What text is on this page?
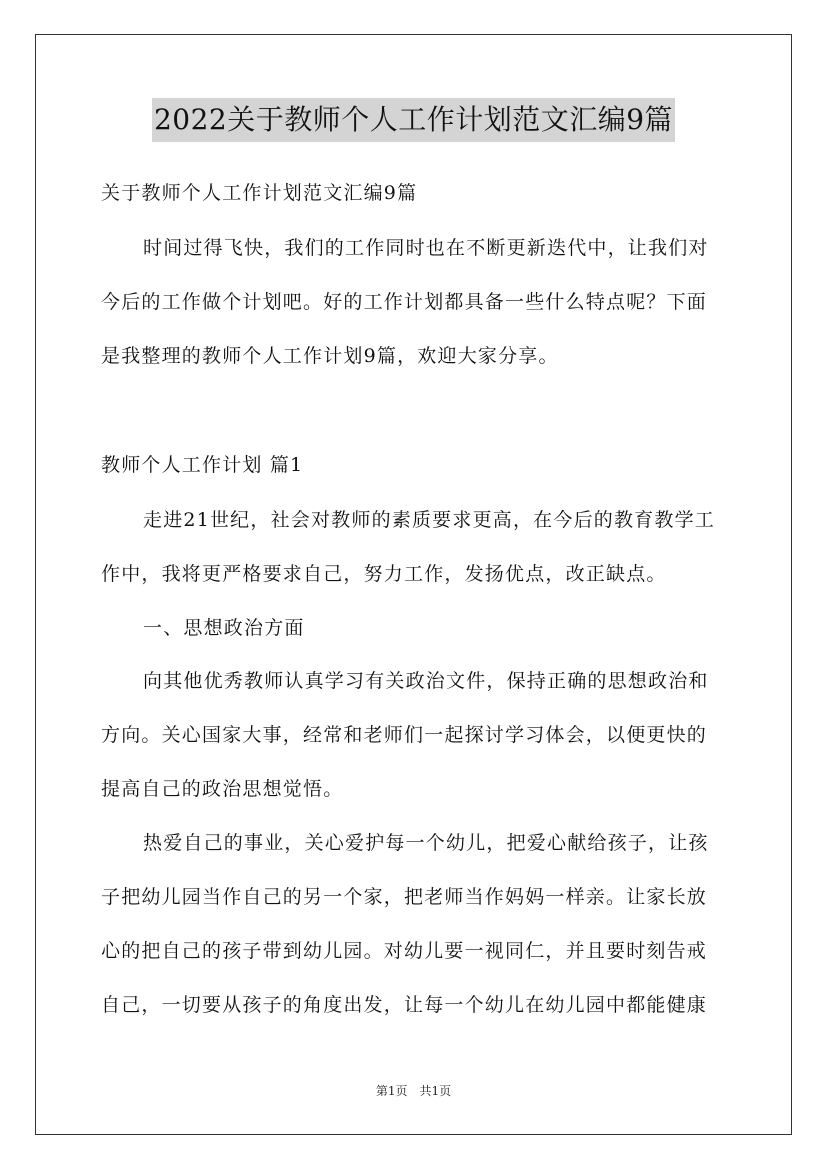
2022关于教师个人工作计划范文汇编9篇
关于教师个人工作计划范文汇编9篇
时间过得飞快，我们的工作同时也在不断更新迭代中，让我们对
今后的工作做个计划吧。好的工作计划都具备一些什么特点呢？下面
是我整理的教师个人工作计划9篇，欢迎大家分享。
教师个人工作计划 篇1
走进21世纪，社会对教师的素质要求更高，在今后的教育教学工
作中，我将更严格要求自己，努力工作，发扬优点，改正缺点。
一、思想政治方面
向其他优秀教师认真学习有关政治文件，保持正确的思想政治和
方向。关心国家大事，经常和老师们一起探讨学习体会，以便更快的
提高自己的政治思想觉悟。
热爱自己的事业，关心爱护每一个幼儿，把爱心献给孩子，让孩
子把幼儿园当作自己的另一个家，把老师当作妈妈一样亲。让家长放
心的把自己的孩子带到幼儿园。对幼儿要一视同仁，并且要时刻告戒
自己，一切要从孩子的角度出发，让每一个幼儿在幼儿园中都能健康
第1页　共1页
